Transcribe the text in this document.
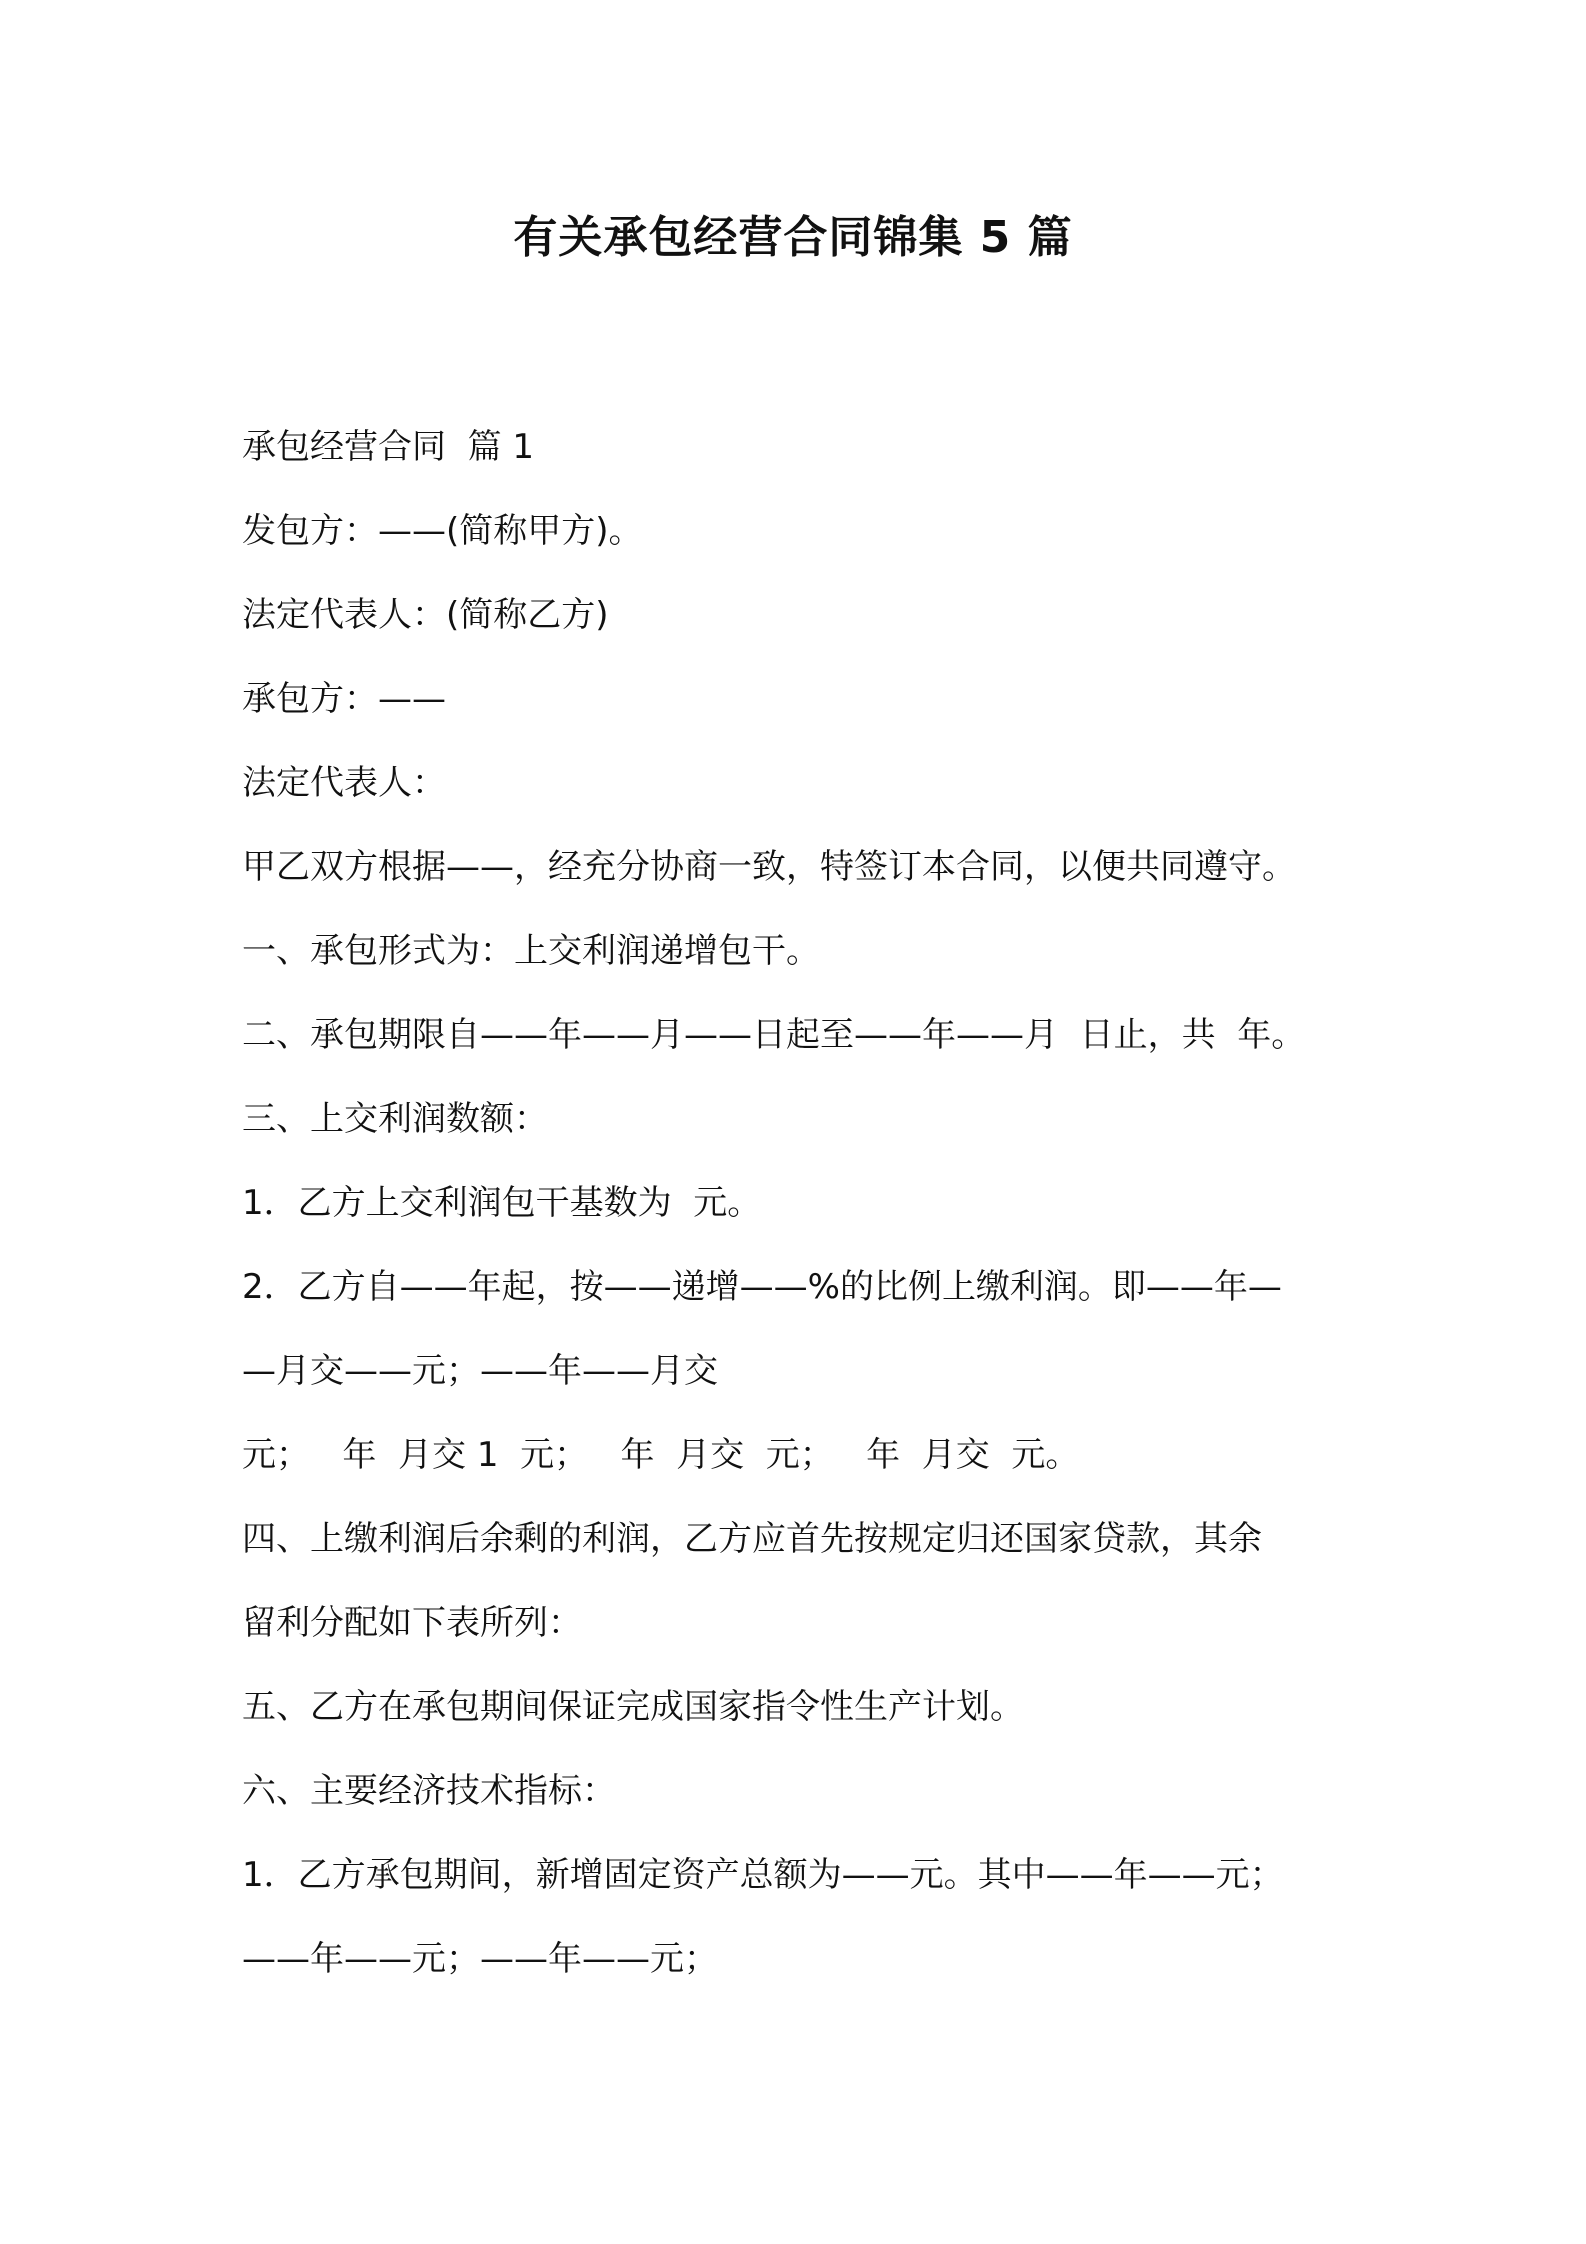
有关承包经营合同锦集 5 篇

承包经营合同  篇 1

发包方：——(简称甲方)。

法定代表人：(简称乙方)

承包方：——

法定代表人：

甲乙双方根据——，经充分协商一致，特签订本合同，以便共同遵守。

一、承包形式为：上交利润递增包干。

二、承包期限自——年——月——日起至——年——月  日止，共  年。

三、上交利润数额：

1．乙方上交利润包干基数为  元。

2．乙方自——年起，按——递增——%的比例上缴利润。即——年—

—月交——元；——年——月交

元；   年  月交 1  元；   年  月交  元；   年  月交  元。

四、上缴利润后余剩的利润，乙方应首先按规定归还国家贷款，其余

留利分配如下表所列：

五、乙方在承包期间保证完成国家指令性生产计划。

六、主要经济技术指标：

1．乙方承包期间，新增固定资产总额为——元。其中——年——元；

——年——元；——年——元；
